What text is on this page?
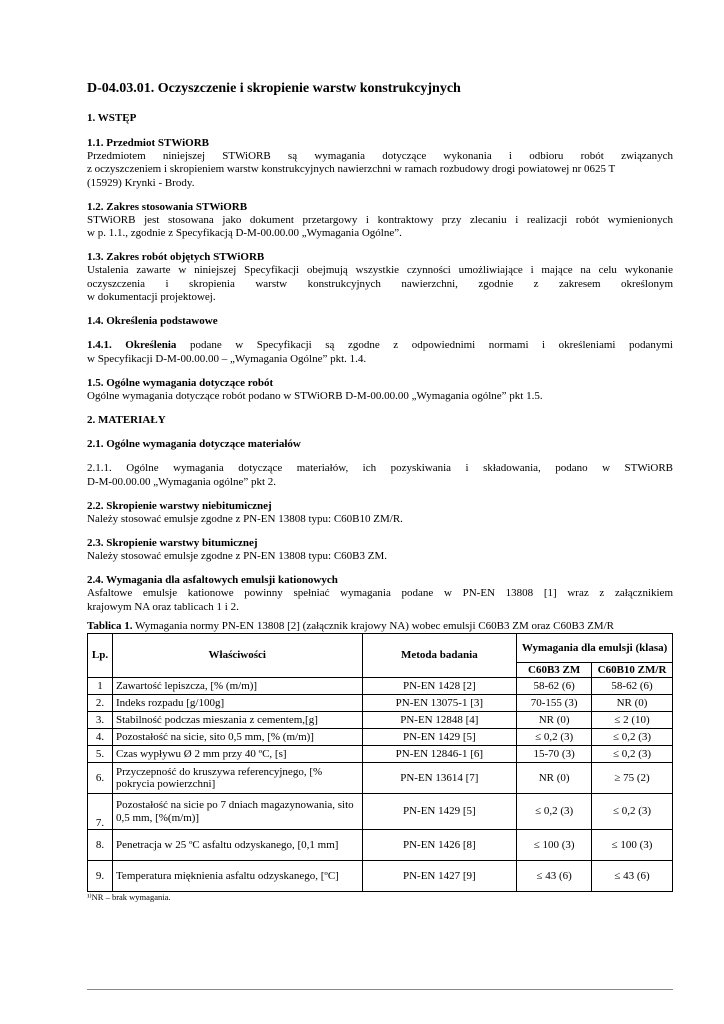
D-04.03.01. Oczyszczenie i skropienie warstw konstrukcyjnych
1. WSTĘP
1.1. Przedmiot STWiORB
Przedmiotem niniejszej STWiORB są wymagania dotyczące wykonania i odbioru robót związanych
z oczyszczeniem i skropieniem warstw konstrukcyjnych nawierzchni w ramach rozbudowy drogi powiatowej nr 0625 T
(15929) Krynki - Brody.
1.2. Zakres stosowania STWiORB
STWiORB jest stosowana jako dokument przetargowy i kontraktowy przy zlecaniu i realizacji robót wymienionych
w p. 1.1., zgodnie z Specyfikacją D-M-00.00.00 „Wymagania Ogólne”.
1.3. Zakres robót objętych STWiORB
Ustalenia zawarte w niniejszej Specyfikacji obejmują wszystkie czynności umożliwiające i mające na celu wykonanie
oczyszczenia i skropienia warstw konstrukcyjnych nawierzchni, zgodnie z zakresem określonym
w dokumentacji projektowej.
1.4. Określenia podstawowe
1.4.1. Określenia podane w Specyfikacji są zgodne z odpowiednimi normami i określeniami podanymi
w Specyfikacji D-M-00.00.00 – „Wymagania Ogólne” pkt. 1.4.
1.5. Ogólne wymagania dotyczące robót
Ogólne wymagania dotyczące robót podano w STWiORB D-M-00.00.00 „Wymagania ogólne” pkt 1.5.
2. MATERIAŁY
2.1. Ogólne wymagania dotyczące materiałów
2.1.1. Ogólne wymagania dotyczące materiałów, ich pozyskiwania i składowania, podano w STWiORB
D-M-00.00.00 „Wymagania ogólne” pkt 2.
2.2. Skropienie warstwy niebitumicznej
Należy stosować emulsje zgodne z PN-EN 13808 typu: C60B10 ZM/R.
2.3. Skropienie warstwy bitumicznej
Należy stosować emulsje zgodne z PN-EN 13808 typu: C60B3 ZM.
2.4. Wymagania dla asfaltowych emulsji kationowych
Asfaltowe emulsje kationowe powinny spełniać wymagania podane w PN-EN 13808 [1] wraz z załącznikiem
krajowym NA oraz tablicach 1 i 2.
Tablica 1. Wymagania normy PN-EN 13808 [2] (załącznik krajowy NA) wobec emulsji C60B3 ZM oraz C60B3 ZM/R
Lp.	Właściwości	Metoda badania	Wymagania dla emulsji (klasa)	
			C60B3 ZM	C60B10 ZM/R
1	Zawartość lepiszcza, [% (m/m)]	PN-EN 1428 [2]	58-62 (6)	58-62 (6)
2.	Indeks rozpadu [g/100g]	PN-EN 13075-1 [3]	70-155 (3)	NR (0)
3.	Stabilność podczas mieszania z cementem,[g]	PN-EN 12848 [4]	NR (0)	≤ 2 (10)
4.	Pozostałość na sicie, sito 0,5 mm, [% (m/m)]	PN-EN 1429 [5]	≤ 0,2 (3)	≤ 0,2 (3)
5.	Czas wypływu Ø 2 mm przy 40 ºC, [s]	PN-EN 12846-1 [6]	15-70 (3)	≤ 0,2 (3)
6.	Przyczepność do kruszywa referencyjnego, [% pokrycia powierzchni]	PN-EN 13614 [7]	NR (0)	≥ 75 (2)
7.	Pozostałość na sicie po 7 dniach magazynowania, sito 0,5 mm, [%(m/m)]	PN-EN 1429 [5]	≤ 0,2 (3)	≤ 0,2 (3)
8.	Penetracja w 25 ºC asfaltu odzyskanego, [0,1 mm]	PN-EN 1426 [8]	≤ 100 (3)	≤ 100 (3)
9.	Temperatura mięknienia asfaltu odzyskanego, [ºC]	PN-EN 1427 [9]	≤ 43 (6)	≤ 43 (6)
¹⁾NR – brak wymagania.
